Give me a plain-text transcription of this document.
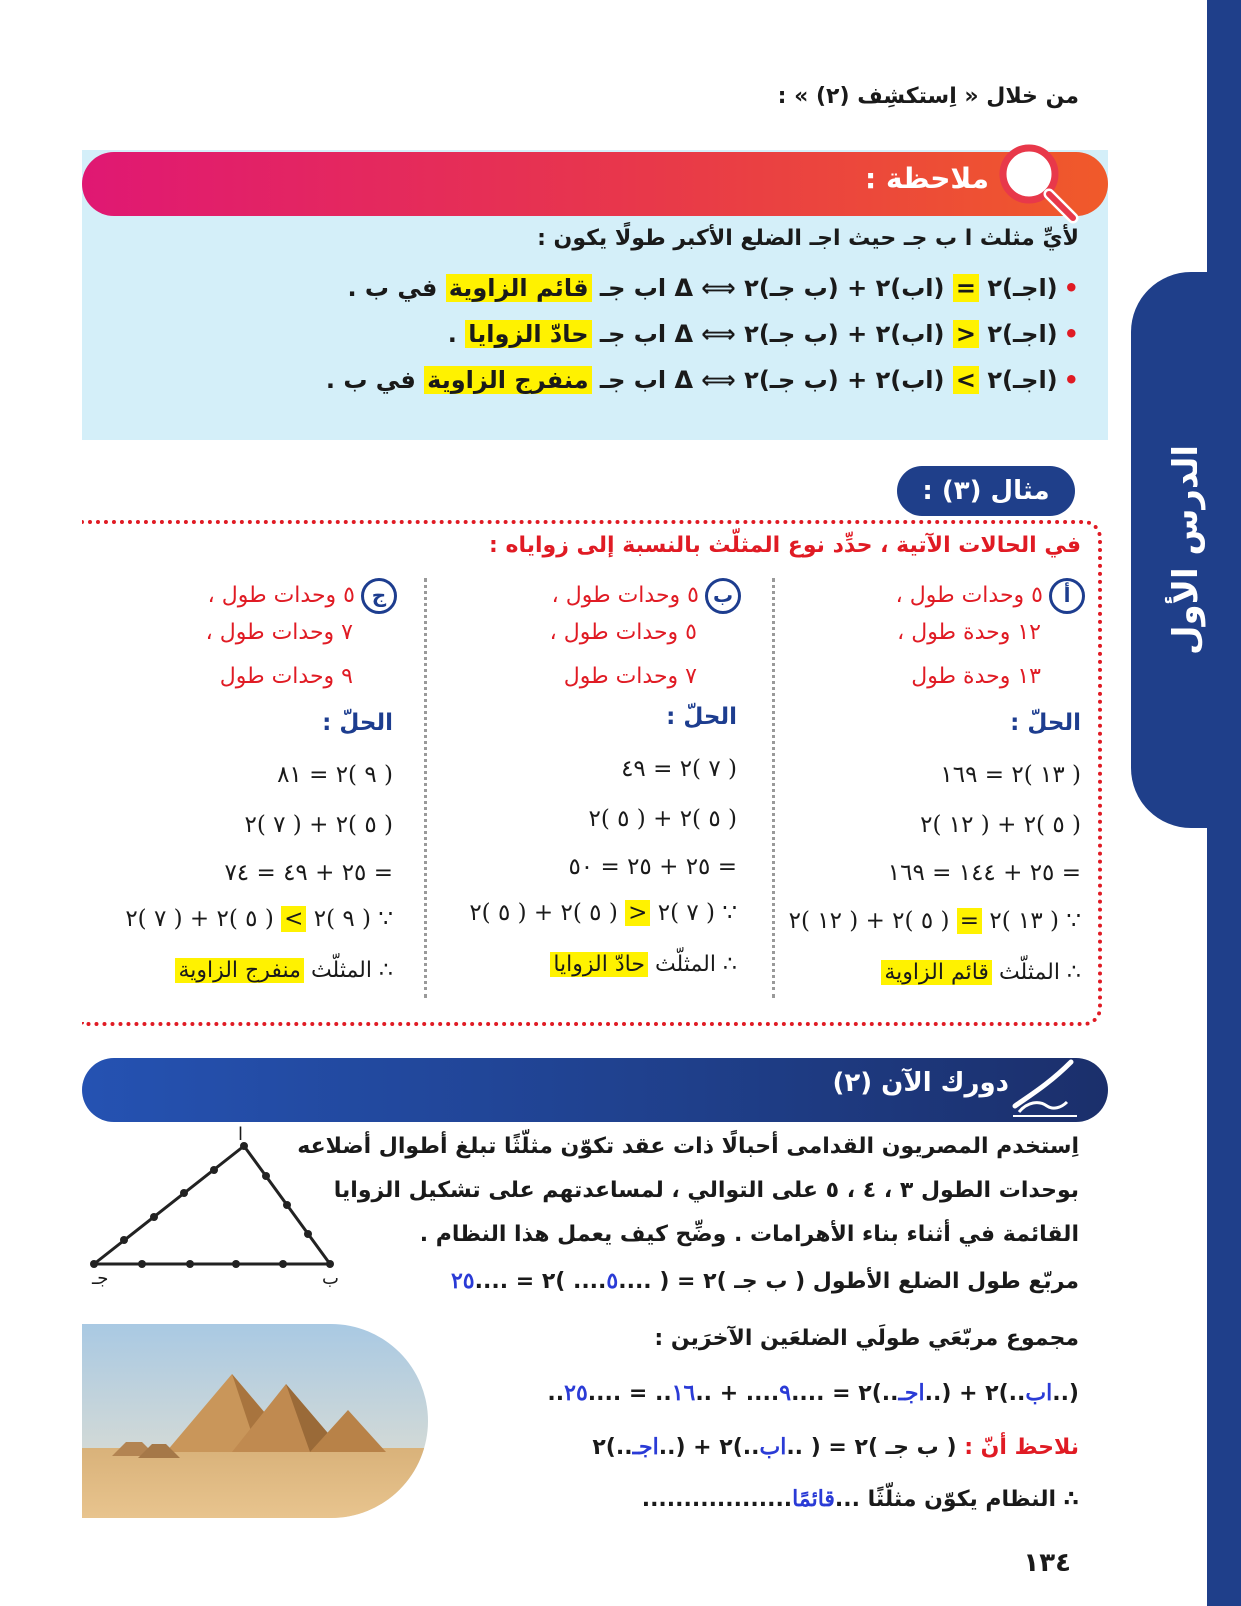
الدرس الأول
من خلال « اِستكشِف (٢) » :
ملاحظة :
لأيِّ مثلث ا ب جـ حيث اجـ الضلع الأكبر طولًا يكون :
•(اجـ)٢ = (اب)٢ + (ب جـ)٢ ⟺ Δ اب جـ قائم الزاوية في ب .
•(اجـ)٢ < (اب)٢ + (ب جـ)٢ ⟺ Δ اب جـ حادّ الزوايا .
•(اجـ)٢ > (اب)٢ + (ب جـ)٢ ⟺ Δ اب جـ منفرج الزاوية في ب .
مثال (٣) :
في الحالات الآتية ، حدِّد نوع المثلّث بالنسبة إلى زواياه :
أ٥ وحدات طول ،
١٢ وحدة طول ،
١٣ وحدة طول
الحلّ :
( ١٣ )٢ = ١٦٩
( ٥ )٢ + ( ١٢ )٢
= ٢٥ + ١٤٤ = ١٦٩
∵ ( ١٣ )٢ = ( ٥ )٢ + ( ١٢ )٢
∴ المثلّث قائم الزاوية
ب٥ وحدات طول ،
٥ وحدات طول ،
٧ وحدات طول
الحلّ :
( ٧ )٢ = ٤٩
( ٥ )٢ + ( ٥ )٢
= ٢٥ + ٢٥ = ٥٠
∵ ( ٧ )٢ < ( ٥ )٢ + ( ٥ )٢
∴ المثلّث حادّ الزوايا
ج٥ وحدات طول ،
٧ وحدات طول ،
٩ وحدات طول
الحلّ :
( ٩ )٢ = ٨١
( ٥ )٢ + ( ٧ )٢
= ٢٥ + ٤٩ = ٧٤
∵ ( ٩ )٢ > ( ٥ )٢ + ( ٧ )٢
∴ المثلّث منفرج الزاوية
دورك الآن (٢)
اِستخدم المصريون القدامى أحبالًا ذات عقد تكوّن مثلّثًا تبلغ أطوال أضلاعه
بوحدات الطول ٣ ، ٤ ، ٥ على التوالي ، لمساعدتهم على تشكيل الزوايا
القائمة في أثناء بناء الأهرامات . وضِّح كيف يعمل هذا النظام .
مربّع طول الضلع الأطول ( ب جـ )٢ = ( ....٥.... )٢ = ....٢٥
مجموع مربّعَي طولَي الضلعَين الآخرَين :
(..اب..)٢ + (..اجـ..)٢ = ....٩.... + ..١٦.. = ....٢٥..
نلاحظ أنّ : ( ب جـ )٢ = ( ..اب..)٢ + (..اجـ..)٢
∴ النظام يكوّن مثلّثًا ...قائمًا..................
ا
جـ	ب
١٣٤
